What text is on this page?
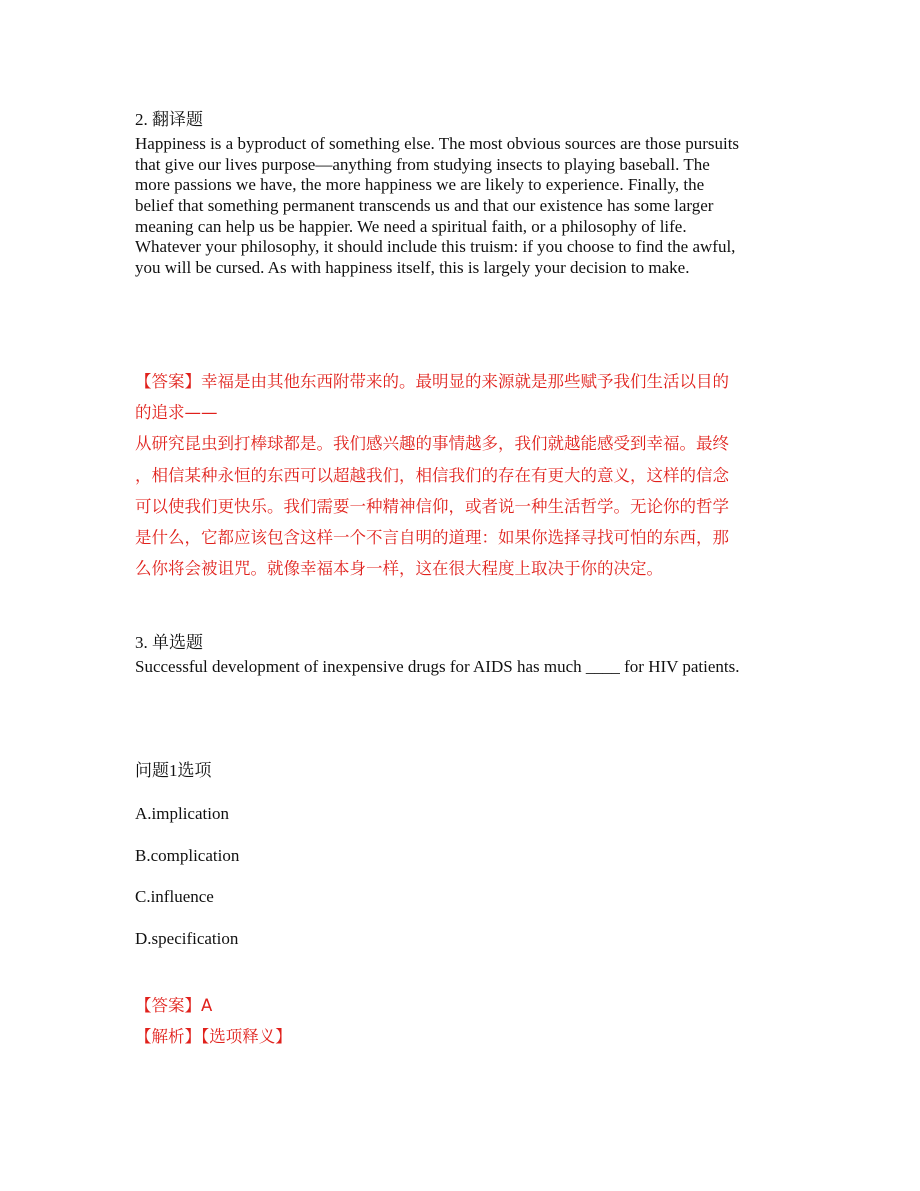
2. 翻译题
Happiness is a byproduct of something else. The most obvious sources are those pursuits
that give our lives purpose—anything from studying insects to playing baseball. The
more passions we have, the more happiness we are likely to experience. Finally, the
belief that something permanent transcends us and that our existence has some larger
meaning can help us be happier. We need a spiritual faith, or a philosophy of life.
Whatever your philosophy, it should include this truism: if you choose to find the awful,
you will be cursed. As with happiness itself, this is largely your decision to make.
【答案】幸福是由其他东西附带来的。最明显的来源就是那些赋予我们生活以目的
的追求——
从研究昆虫到打棒球都是。我们感兴趣的事情越多，我们就越能感受到幸福。最终
，相信某种永恒的东西可以超越我们，相信我们的存在有更大的意义，这样的信念
可以使我们更快乐。我们需要一种精神信仰，或者说一种生活哲学。无论你的哲学
是什么，它都应该包含这样一个不言自明的道理：如果你选择寻找可怕的东西，那
么你将会被诅咒。就像幸福本身一样，这在很大程度上取决于你的决定。
3. 单选题
Successful development of inexpensive drugs for AIDS has much ____ for HIV patients.
问题1选项
A.implication
B.complication
C.influence
D.specification
【答案】A
【解析】【选项释义】
